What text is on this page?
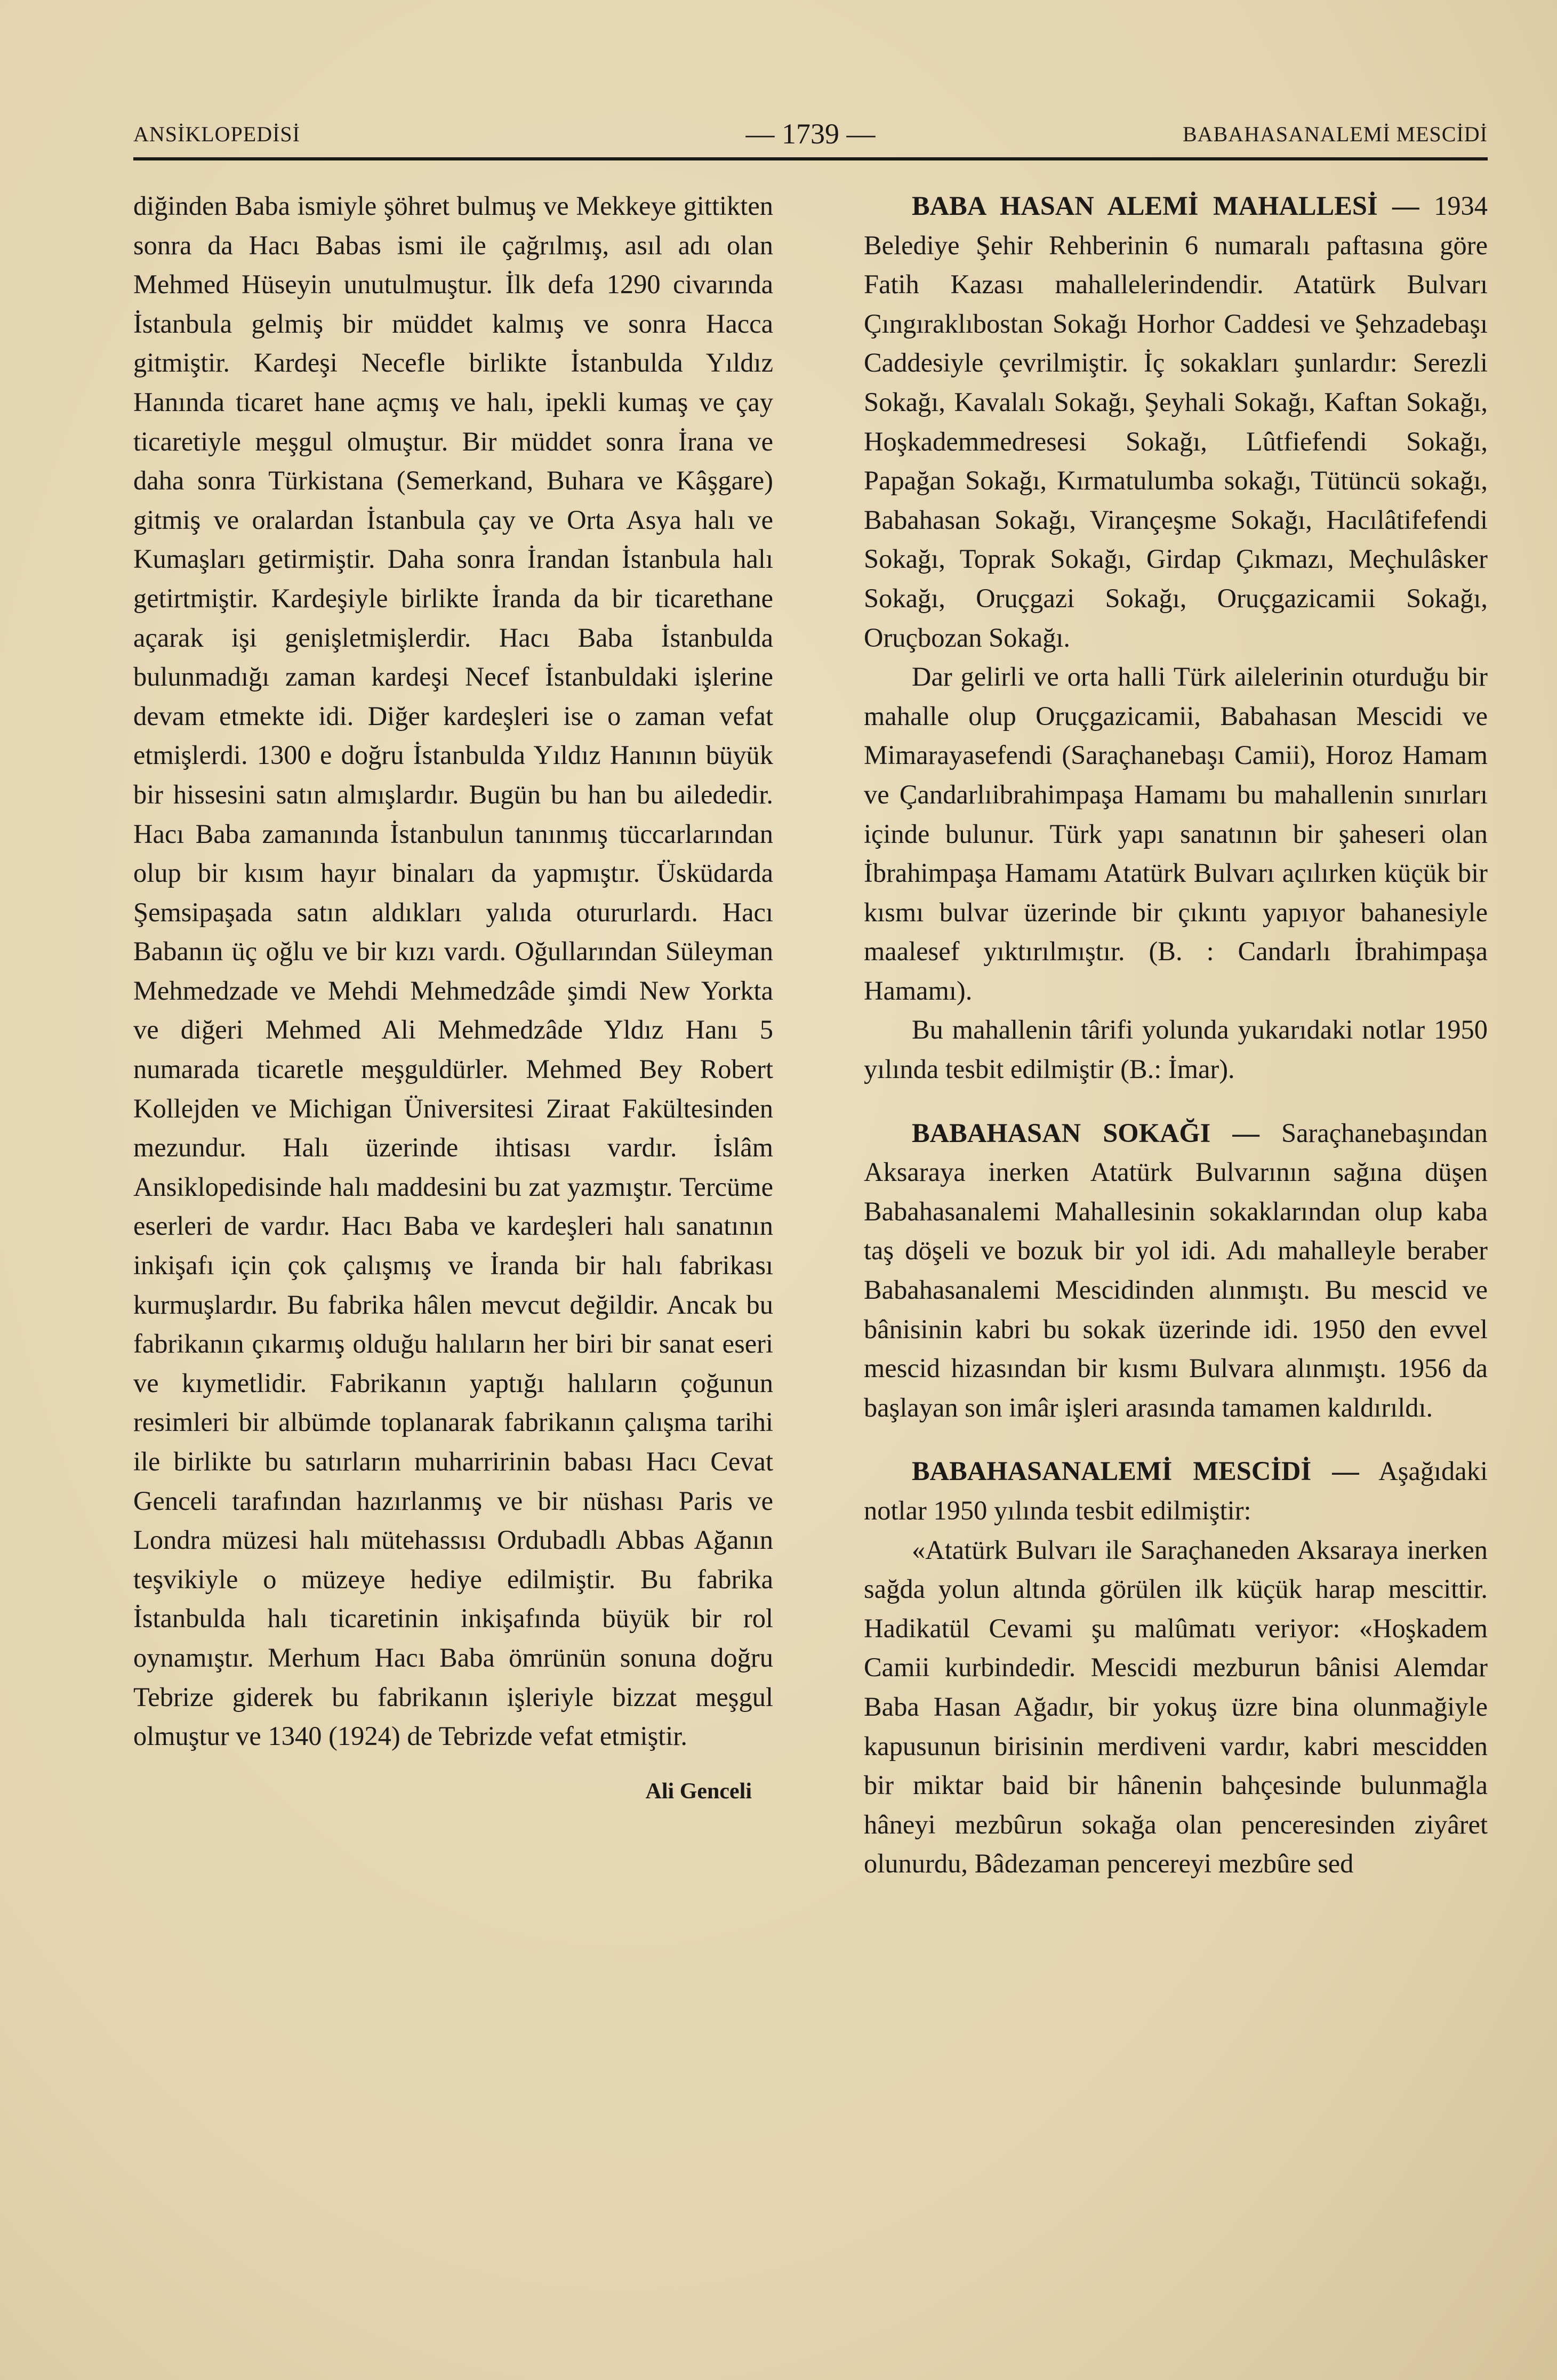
ANSİKLOPEDİSİ	— 1739 —	BABAHASANALEMİ MESCİDİ

diğinden Baba ismiyle şöhret bulmuş ve Mekkeye gittikten sonra da Hacı Babas ismi ile çağrılmış, asıl adı olan Mehmed Hüseyin unutulmuştur. İlk defa 1290 civarında İstanbula gelmiş bir müddet kalmış ve sonra Hacca gitmiştir. Kardeşi Necefle birlikte İstanbulda Yıldız Hanında ticaret hane açmış ve halı, ipekli kumaş ve çay ticaretiyle meşgul olmuştur. Bir müddet sonra İrana ve daha sonra Türkistana (Semerkand, Buhara ve Kâşgare) gitmiş ve oralardan İstanbula çay ve Orta Asya halı ve Kumaşları getirmiştir. Daha sonra İrandan İstanbula halı getirtmiştir. Kardeşiyle birlikte İranda da bir ticarethane açarak işi genişletmişlerdir. Hacı Baba İstanbulda bulunmadığı zaman kardeşi Necef İstanbuldaki işlerine devam etmekte idi. Diğer kardeşleri ise o zaman vefat etmişlerdi. 1300 e doğru İstanbulda Yıldız Hanının büyük bir hissesini satın almışlardır. Bugün bu han bu ailededir. Hacı Baba zamanında İstanbulun tanınmış tüccarlarından olup bir kısım hayır binaları da yapmıştır. Üsküdarda Şemsipaşada satın aldıkları yalıda otururlardı. Hacı Babanın üç oğlu ve bir kızı vardı. Oğullarından Süleyman Mehmedzade ve Mehdi Mehmedzâde şimdi New Yorkta ve diğeri Mehmed Ali Mehmedzâde Yldız Hanı 5 numarada ticaretle meşguldürler. Mehmed Bey Robert Kollejden ve Michigan Üniversitesi Ziraat Fakültesinden mezundur. Halı üzerinde ihtisası vardır. İslâm Ansiklopedisinde halı maddesini bu zat yazmıştır. Tercüme eserleri de vardır. Hacı Baba ve kardeşleri halı sanatının inkişafı için çok çalışmış ve İranda bir halı fabrikası kurmuşlardır. Bu fabrika hâlen mevcut değildir. Ancak bu fabrikanın çıkarmış olduğu halıların her biri bir sanat eseri ve kıymetlidir. Fabrikanın yaptığı halıların çoğunun resimleri bir albümde toplanarak fabrikanın çalışma tarihi ile birlikte bu satırların muharririnin babası Hacı Cevat Genceli tarafından hazırlanmış ve bir nüshası Paris ve Londra müzesi halı mütehassısı Ordubadlı Abbas Ağanın teşvikiyle o müzeye hediye edilmiştir. Bu fabrika İstanbulda halı ticaretinin inkişafında büyük bir rol oynamıştır. Merhum Hacı Baba ömrünün sonuna doğru Tebrize giderek bu fabrikanın işleriyle bizzat meşgul olmuştur ve 1340 (1924) de Tebrizde vefat etmiştir.

Ali Genceli

BABA HASAN ALEMİ MAHALLESİ — 1934 Belediye Şehir Rehberinin 6 numaralı paftasına göre Fatih Kazası mahallelerindendir. Atatürk Bulvarı Çıngıraklıbostan Sokağı Horhor Caddesi ve Şehzadebaşı Caddesiyle çevrilmiştir. İç sokakları şunlardır: Serezli Sokağı, Kavalalı Sokağı, Şeyhali Sokağı, Kaftan Sokağı, Hoşkademmedresesi Sokağı, Lûtfiefendi Sokağı, Papağan Sokağı, Kırmatulumba sokağı, Tütüncü sokağı, Babahasan Sokağı, Virançeşme Sokağı, Hacılâtifefendi Sokağı, Toprak Sokağı, Girdap Çıkmazı, Meçhulâsker Sokağı, Oruçgazi Sokağı, Oruçgazicamii Sokağı, Oruçbozan Sokağı.

Dar gelirli ve orta halli Türk ailelerinin oturduğu bir mahalle olup Oruçgazicamii, Babahasan Mescidi ve Mimarayasefendi (Saraçhanebaşı Camii), Horoz Hamam ve Çandarlıibrahimpaşa Hamamı bu mahallenin sınırları içinde bulunur. Türk yapı sanatının bir şaheseri olan İbrahimpaşa Hamamı Atatürk Bulvarı açılırken küçük bir kısmı bulvar üzerinde bir çıkıntı yapıyor bahanesiyle maalesef yıktırılmıştır. (B. : Candarlı İbrahimpaşa Hamamı).

Bu mahallenin târifi yolunda yukarıdaki notlar 1950 yılında tesbit edilmiştir (B.: İmar).

BABAHASAN SOKAĞI — Saraçhanebaşından Aksaraya inerken Atatürk Bulvarının sağına düşen Babahasanalemi Mahallesinin sokaklarından olup kaba taş döşeli ve bozuk bir yol idi. Adı mahalleyle beraber Babahasanalemi Mescidinden alınmıştı. Bu mescid ve bânisinin kabri bu sokak üzerinde idi. 1950 den evvel mescid hizasından bir kısmı Bulvara alınmıştı. 1956 da başlayan son imâr işleri arasında tamamen kaldırıldı.

BABAHASANALEMİ MESCİDİ — Aşağıdaki notlar 1950 yılında tesbit edilmiştir:

«Atatürk Bulvarı ile Saraçhaneden Aksaraya inerken sağda yolun altında görülen ilk küçük harap mescittir. Hadikatül Cevami şu malûmatı veriyor: «Hoşkadem Camii kurbindedir. Mescidi mezburun bânisi Alemdar Baba Hasan Ağadır, bir yokuş üzre bina olunmağiyle kapusunun birisinin merdiveni vardır, kabri mescidden bir miktar baid bir hânenin bahçesinde bulunmağla hâneyi mezbûrun sokağa olan penceresinden ziyâret olunurdu, Bâdezaman pencereyi mezbûre sed
